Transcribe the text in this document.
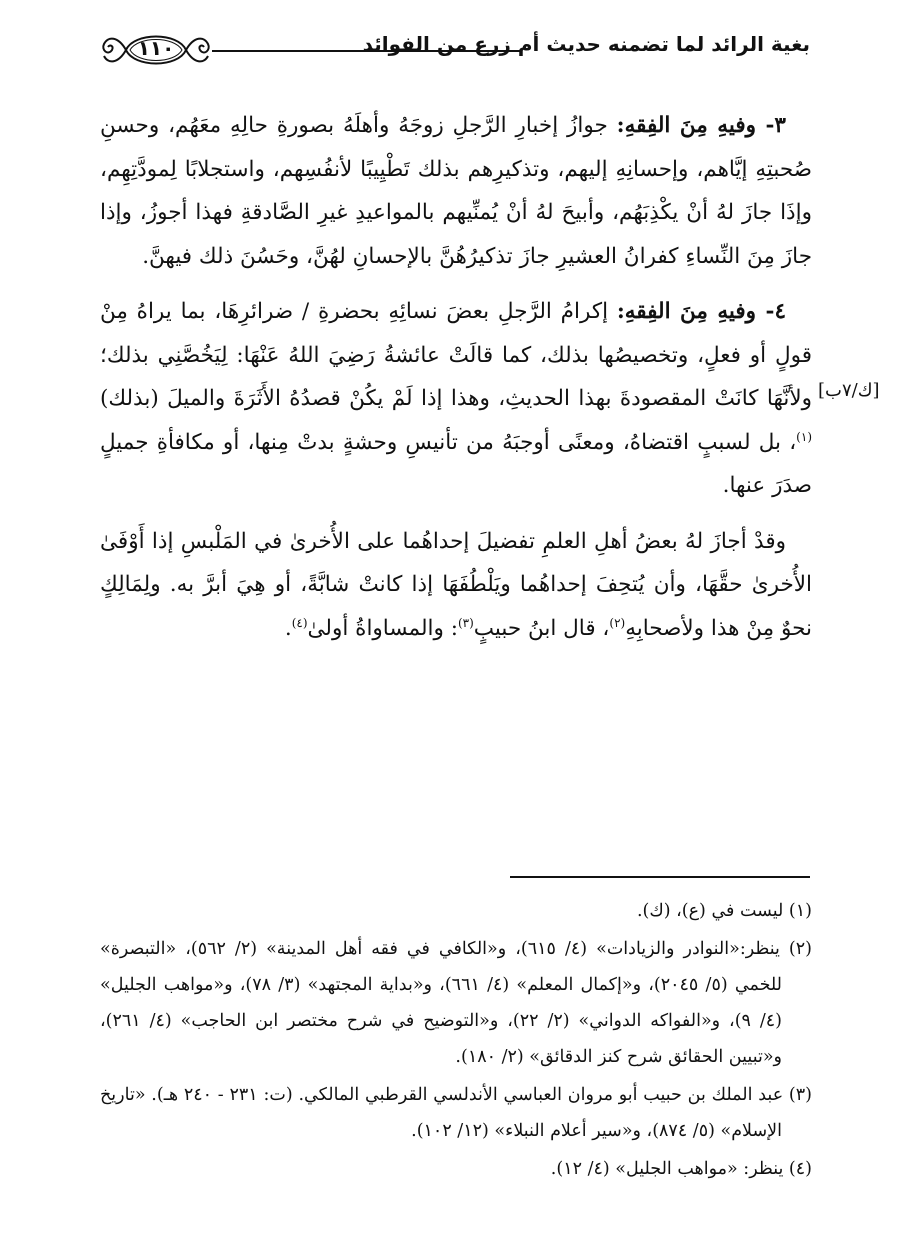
بغية الرائد لما تضمنه حديث أم زرع من الفوائد
١١٠
[ك/٧ب]

٣- وفيهِ مِنَ الفِقهِ: جوازُ إخبارِ الرَّجلِ زوجَهُ وأهلَهُ بصورةِ حالِهِ معَهُم، وحسنِ صُحبتِهِ إيَّاهم، وإحسانِهِ إليهم، وتذكيرِهم بذلك تَطْيِيبًا لأنفُسِهم، واستجلابًا لِمودَّتِهِم، وإذَا جازَ لهُ أنْ يكْذِبَهُم، وأبيحَ لهُ أنْ يُمنِّيهم بالمواعيدِ غيرِ الصَّادقةِ فهذا أجوزُ، وإذا جازَ مِنَ النِّساءِ كفرانُ العشيرِ جازَ تذكيرُهُنَّ بالإحسانِ لهُنَّ، وحَسُنَ ذلك فيهنَّ.

٤- وفيهِ مِنَ الفِقهِ: إكرامُ الرَّجلِ بعضَ نسائِهِ بحضرةِ / ضرائرِهَا، بما يراهُ مِنْ قولٍ أو فعلٍ، وتخصيصُها بذلك، كما قالَتْ عائشةُ رَضِيَ اللهُ عَنْهَا: لِيَخُصَّنِي بذلك؛ ولأنَّهَا كانَتْ المقصودةَ بهذا الحديثِ، وهذا إذا لَمْ يكُنْ قصدُهُ الأَثَرَةَ والميلَ (بذلك)$^{(١)}$، بل لسببٍ اقتضاهُ، ومعنًى أوجبَهُ من تأنيسِ وحشةٍ بدتْ مِنها، أو مكافأةِ جميلٍ صدَرَ عنها.

وقدْ أجازَ لهُ بعضُ أهلِ العلمِ تفضيلَ إحداهُما على الأُخرىٰ في المَلْبسِ إذا أَوْفَىٰ الأُخرىٰ حقَّهَا، وأن يُتحِفَ إحداهُما ويَلْطُفَهَا إذا كانتْ شابَّةً، أو هِيَ أبرَّ به. ولِمَالِكٍ نحوٌ مِنْ هذا ولأصحابِهِ$^{(٢)}$، قال ابنُ حبيبٍ$^{(٣)}$: والمساواةُ أولىٰ$^{(٤)}$.

(١) ليست في (ع)، (ك).

(٢) ينظر:«النوادر والزيادات» (٤/ ٦١٥)، و«الكافي في فقه أهل المدينة» (٢/ ٥٦٢)، «التبصرة» للخمي (٥/ ٢٠٤٥)، و«إكمال المعلم» (٤/ ٦٦١)، و«بداية المجتهد» (٣/ ٧٨)، و«مواهب الجليل» (٤/ ٩)، و«الفواكه الدواني» (٢/ ٢٢)، و«التوضيح في شرح مختصر ابن الحاجب» (٤/ ٢٦١)، و«تبيين الحقائق شرح كنز الدقائق» (٢/ ١٨٠).

(٣) عبد الملك بن حبيب أبو مروان العباسي الأندلسي القرطبي المالكي. (ت: ٢٣١ - ٢٤٠ هـ). «تاريخ الإسلام» (٥/ ٨٧٤)، و«سير أعلام النبلاء» (١٢/ ١٠٢).

(٤) ينظر: «مواهب الجليل» (٤/ ١٢).
